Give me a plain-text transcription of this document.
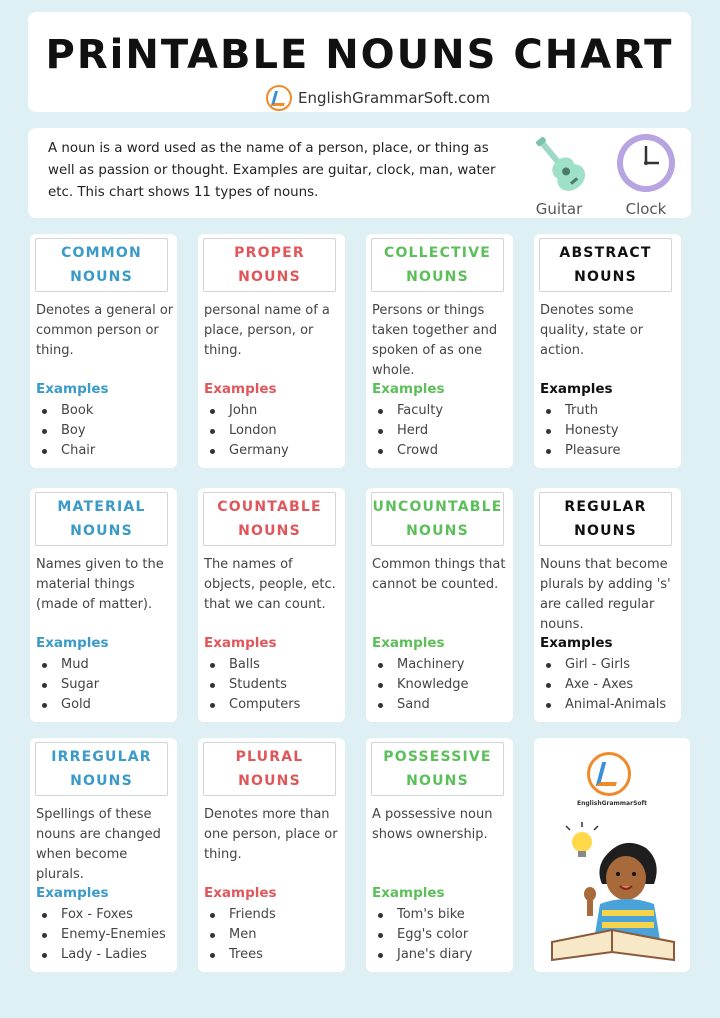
PRiNTABLE NOUNS CHART
EnglishGrammarSoft.com
A noun is a word used as the name of a person, place, or thing as well as passion or thought. Examples are guitar, clock, man, water etc. This chart shows 11 types of nouns.
Guitar	Clock
COMMON
NOUNS
Denotes a general or common person or thing.
Examples
Book
Boy
Chair
PROPER
NOUNS
personal name of a place, person, or thing.
Examples
John
London
Germany
COLLECTIVE
NOUNS
Persons or things taken together and spoken of as one whole.
Examples
Faculty
Herd
Crowd
ABSTRACT
NOUNS
Denotes some quality, state or action.
Examples
Truth
Honesty
Pleasure
MATERIAL
NOUNS
Names given to the material things (made of matter).
Examples
Mud
Sugar
Gold
COUNTABLE
NOUNS
The names of objects, people, etc. that we can count.
Examples
Balls
Students
Computers
UNCOUNTABLE
NOUNS
Common things that cannot be counted.
Examples
Machinery
Knowledge
Sand
REGULAR
NOUNS
Nouns that become plurals by adding 's' are called regular nouns.
Examples
Girl - Girls
Axe - Axes
Animal-Animals
IRREGULAR
NOUNS
Spellings of these nouns are changed when become plurals.
Examples
Fox - Foxes
Enemy-Enemies
Lady - Ladies
PLURAL
NOUNS
Denotes more than one person, place or thing.
Examples
Friends
Men
Trees
POSSESSIVE
NOUNS
A possessive noun shows ownership.
Examples
Tom's bike
Egg's color
Jane's diary
EnglishGrammarSoft
